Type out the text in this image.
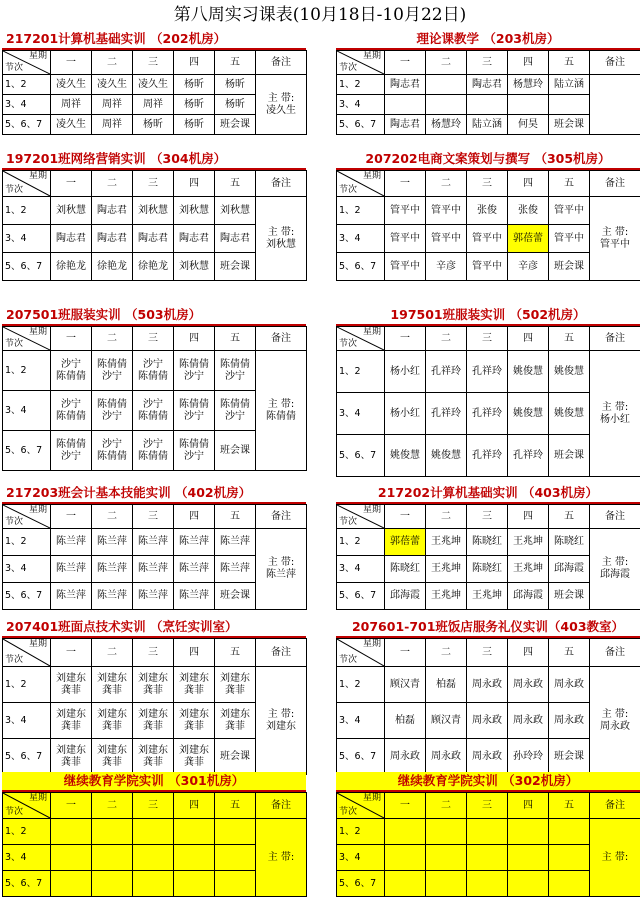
第八周实习课表(10月18日-10月22日)
217201计算机基础实训 （202机房）
星期
节次	一	二	三	四	五	备注
1、2	凌久生	凌久生	凌久生	杨昕	杨昕	主 带:
凌久生

3、4	周祥	周祥	周祥	杨昕	杨昕	
5、6、7	凌久生	周祥	杨昕	杨昕	班会课	
理论课教学 （203机房）
星期
节次	一	二	三	四	五	备注
1、2	陶志君		陶志君	杨慧玲	陆立涵	
3、4						
5、6、7	陶志君	杨慧玲	陆立涵	何昊	班会课	
197201班网络营销实训 （304机房）
星期
节次	一	二	三	四	五	备注
1、2	刘秋慧	陶志君	刘秋慧	刘秋慧	刘秋慧	主 带:
刘秋慧

3、4	陶志君	陶志君	陶志君	陶志君	陶志君	
5、6、7	徐艳龙	徐艳龙	徐艳龙	刘秋慧	班会课	
207202电商文案策划与撰写 （305机房）
星期
节次	一	二	三	四	五	备注
1、2	管平中	管平中	张俊	张俊	管平中	主 带:
管平中

3、4	管平中	管平中	管平中	郭蓓蕾	管平中	
5、6、7	管平中	辛彦	管平中	辛彦	班会课	
207501班服装实训 （503机房）
星期
节次	一	二	三	四	五	备注
1、2	沙宁
陈倩倩	陈倩倩
沙宁	沙宁
陈倩倩	陈倩倩
沙宁	陈倩倩
沙宁	主 带:
陈倩倩

3、4	沙宁
陈倩倩	陈倩倩
沙宁	沙宁
陈倩倩	陈倩倩
沙宁	陈倩倩
沙宁	

5、6、7	陈倩倩
沙宁	沙宁
陈倩倩	沙宁
陈倩倩	陈倩倩
沙宁	班会课	
197501班服装实训 （502机房）
星期
节次	一	二	三	四	五	备注
1、2	杨小红	孔祥玲	孔祥玲	姚俊慧	姚俊慧	主 带:
杨小红

3、4	杨小红	孔祥玲	孔祥玲	姚俊慧	姚俊慧	
5、6、7	姚俊慧	姚俊慧	孔祥玲	孔祥玲	班会课	
217203班会计基本技能实训 （402机房）
星期
节次	一	二	三	四	五	备注
1、2	陈兰萍	陈兰萍	陈兰萍	陈兰萍	陈兰萍	主 带:
陈兰萍

3、4	陈兰萍	陈兰萍	陈兰萍	陈兰萍	陈兰萍	
5、6、7	陈兰萍	陈兰萍	陈兰萍	陈兰萍	班会课	
217202计算机基础实训 （403机房）
星期
节次	一	二	三	四	五	备注
1、2	郭蓓蕾	王兆坤	陈晓红	王兆坤	陈晓红	主 带:
邱海霞

3、4	陈晓红	王兆坤	陈晓红	王兆坤	邱海霞	
5、6、7	邱海霞	王兆坤	王兆坤	邱海霞	班会课	
207401班面点技术实训 （烹饪实训室）
星期
节次	一	二	三	四	五	备注
1、2	刘建东
龚菲	刘建东
龚菲	刘建东
龚菲	刘建东
龚菲	刘建东
龚菲	主 带:
刘建东

3、4	刘建东
龚菲	刘建东
龚菲	刘建东
龚菲	刘建东
龚菲	刘建东
龚菲	

5、6、7	刘建东
龚菲	刘建东
龚菲	刘建东
龚菲	刘建东
龚菲	班会课	
207601-701班饭店服务礼仪实训（403教室）
星期
节次	一	二	三	四	五	备注
1、2	顾汉青	柏磊	周永政	周永政	周永政	主 带:
周永政

3、4	柏磊	顾汉青	周永政	周永政	周永政	
5、6、7	周永政	周永政	周永政	孙玲玲	班会课	
继续教育学院实训 （301机房）
星期
节次	一	二	三	四	五	备注
1、2						主 带:

3、4						
5、6、7						
继续教育学院实训 （302机房）
星期
节次	一	二	三	四	五	备注
1、2						主 带:

3、4						
5、6、7						
